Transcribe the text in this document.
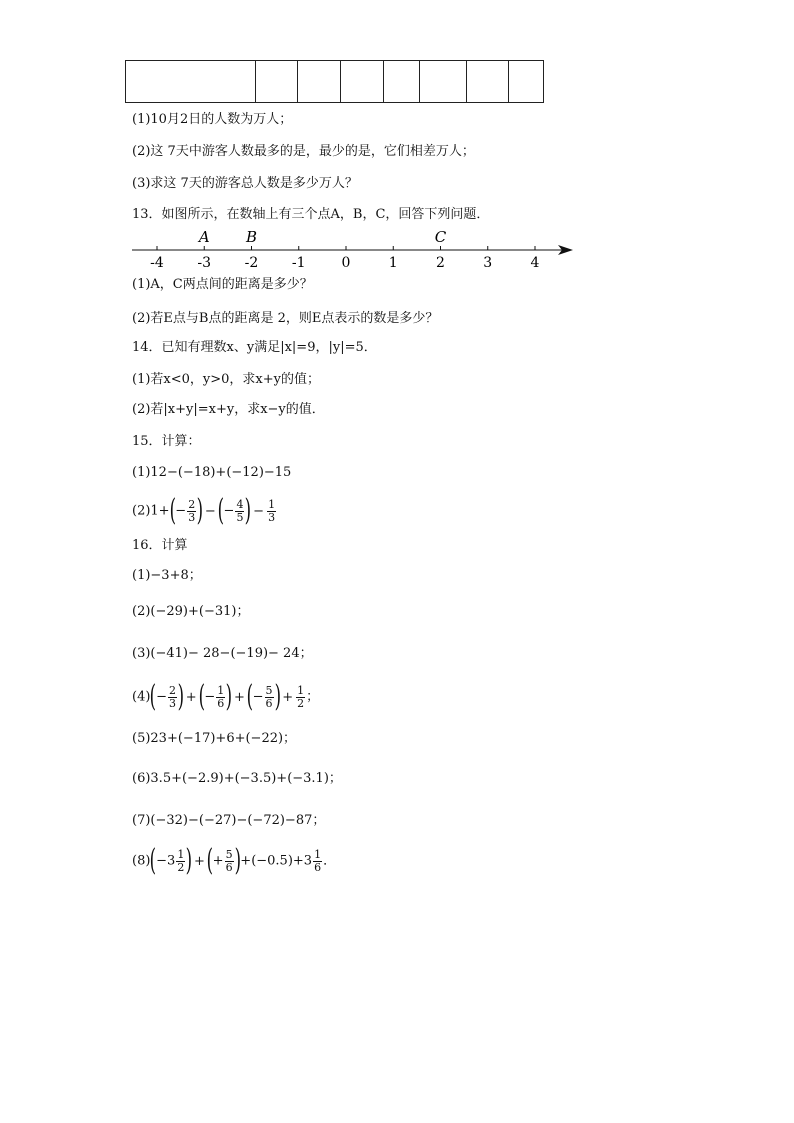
(1)10月2日的人数为万人；
(2)这 7天中游客人数最多的是，最少的是，它们相差万人；
(3)求这 7天的游客总人数是多少万人？
13．如图所示，在数轴上有三个点A，B，C，回答下列问题．
-4 -3 -2 -1	0	1	2	3	4
A B	C
(1)A，C两点间的距离是多少？
(2)若E点与B点的距离是 2，则E点表示的数是多少？
14．已知有理数x、y满足|x|=9，|y|=5．
(1)若x<0，y>0，求x+y的值；
(2)若|x+y|=x+y，求x−y的值．
15．计算：
(1)12−(−18)+(−12)−15
$(2)1+(- \frac{2}{3}$ ) −(− $\frac{4}{5}$ ) − $\frac{1}{3}$
16．计算
(1)−3+8；
(2)(−29)+(−31)；
(3)(−41)− 28−(−19)− 24；
$(4)(- \frac{2}{3}$ ) +(− $\frac{1}{6}$ ) +(− $\frac{5}{6}$ ) + $\frac{1}{2}$ ；
(5)23+(−17)+6+(−22)；
(6)3.5+(−2.9)+(−3.5)+(−3.1)；
(7)(−32)−(−27)−(−72)−87；
$(8)(-3 \frac{1}{2}$ ) +(+ $\frac{5}{6} )+(-0.5)+3 \frac{1}{6}$ ．
